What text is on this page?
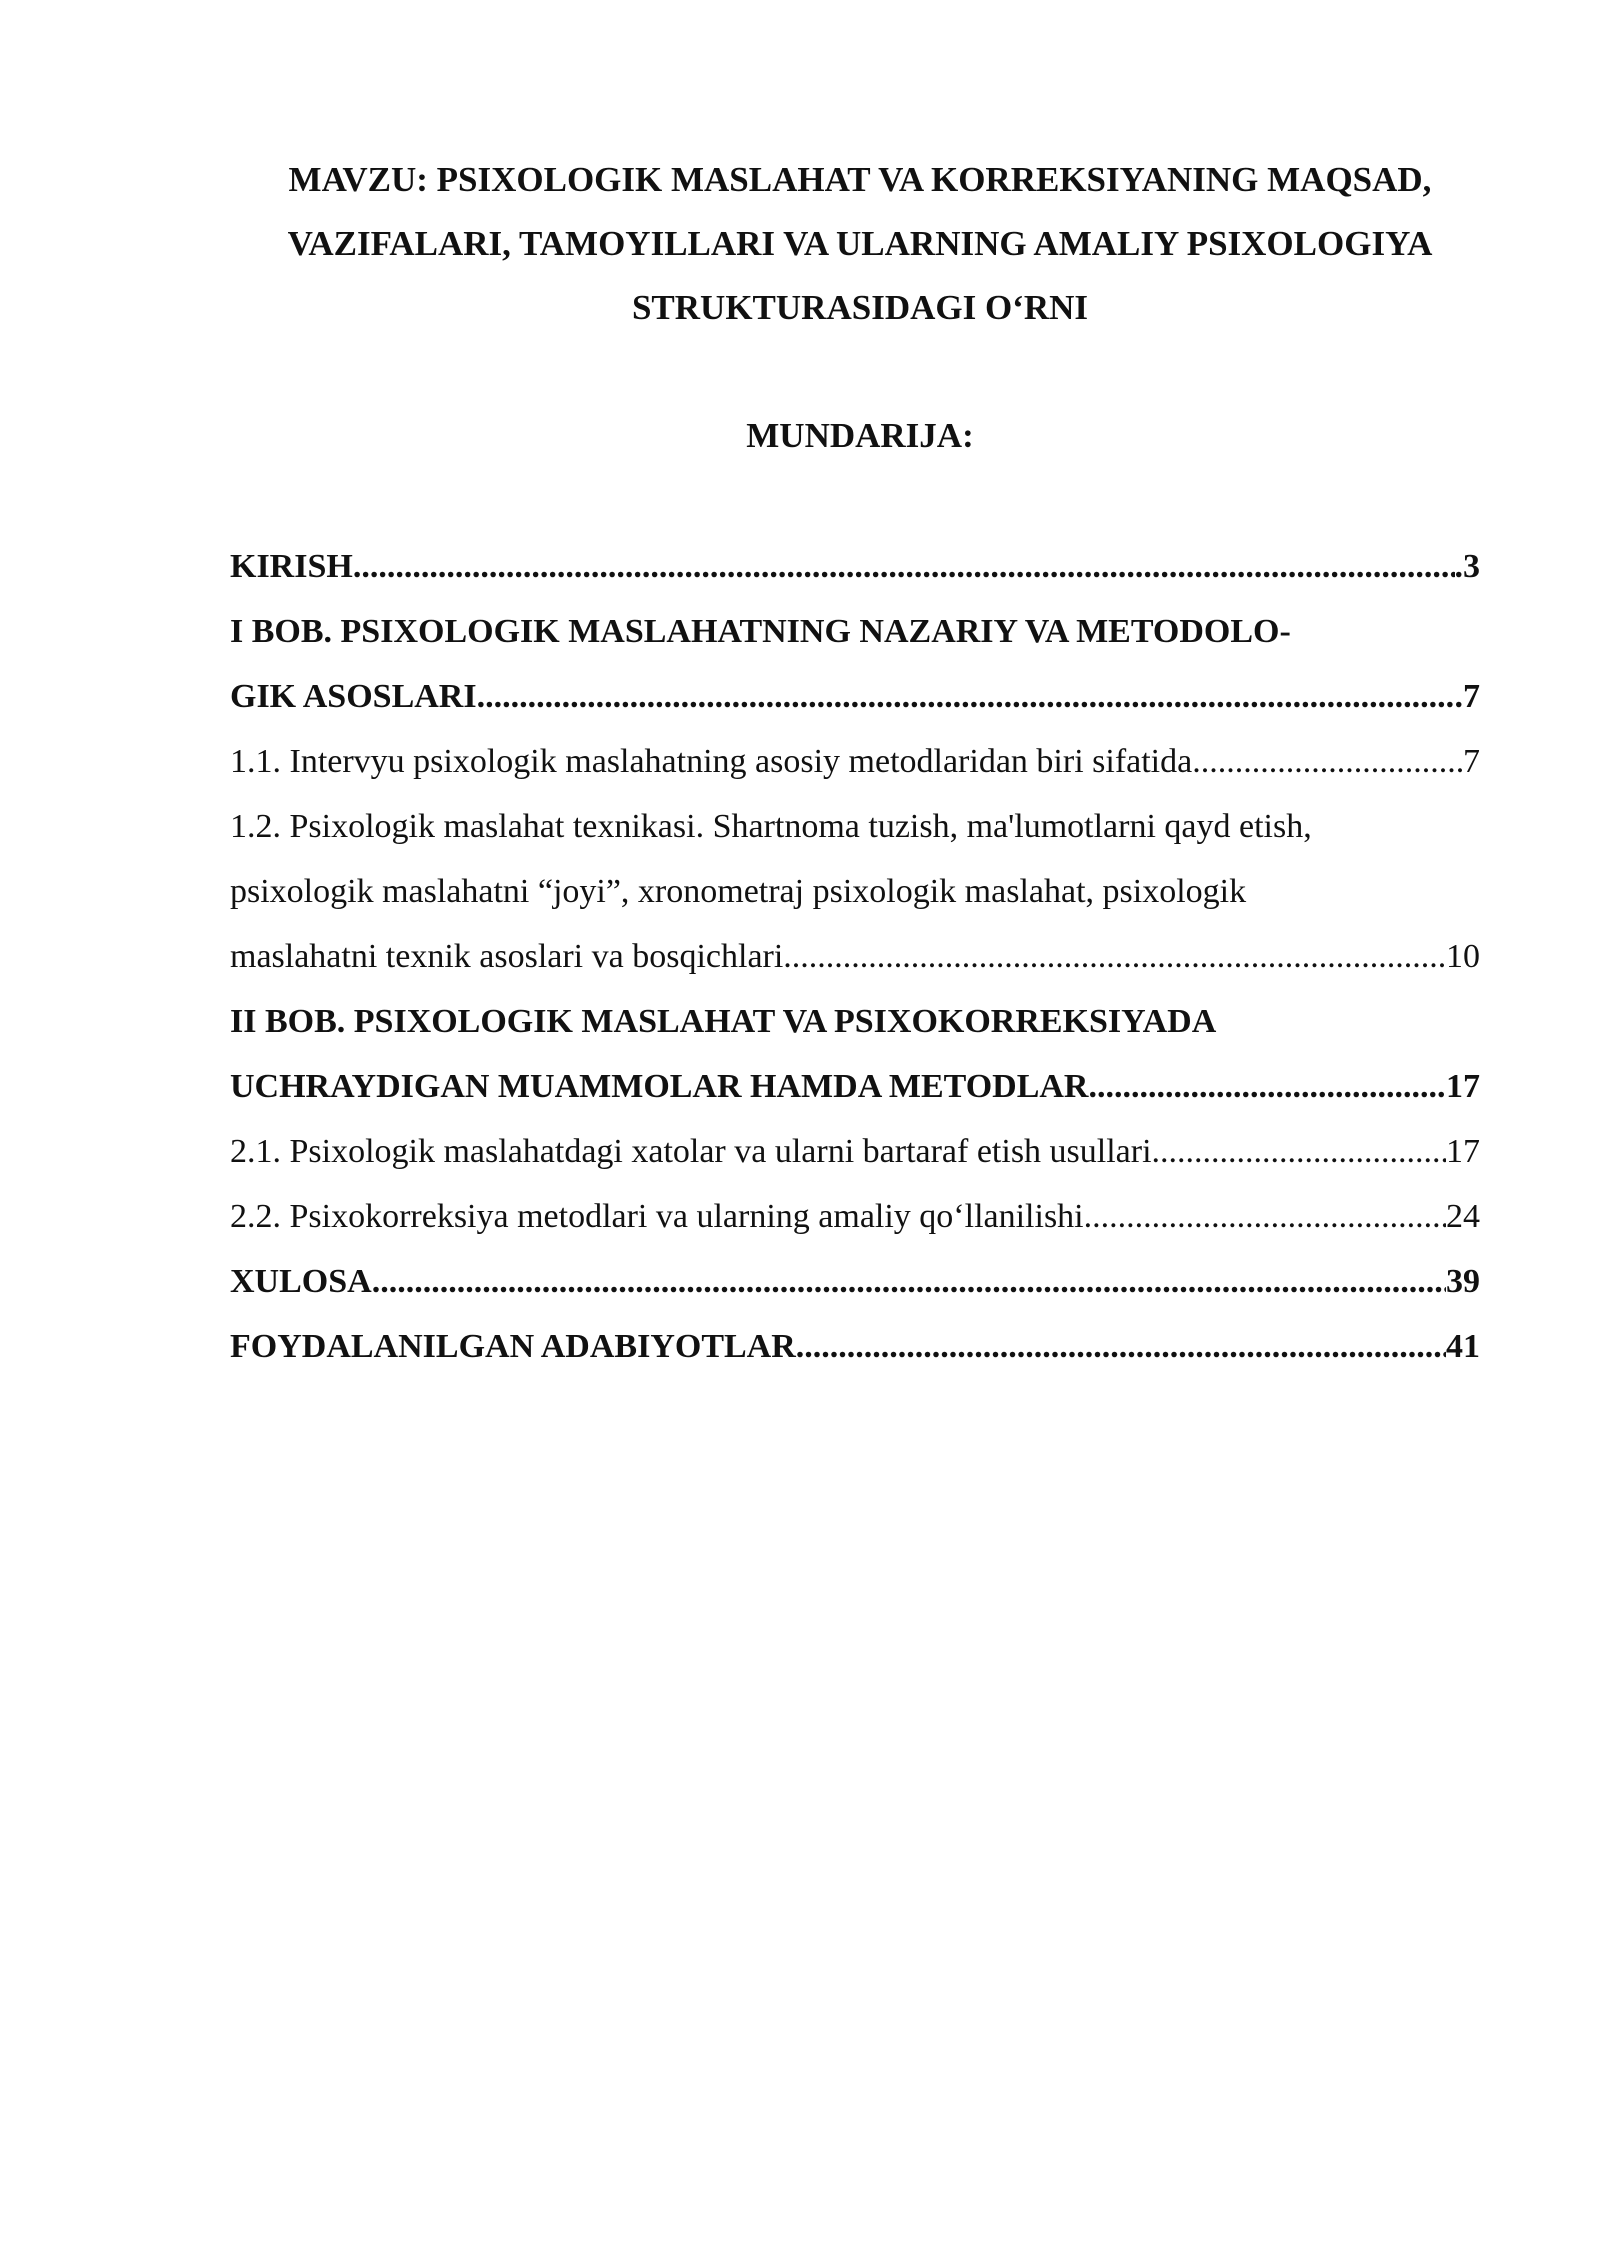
MAVZU: PSIXOLOGIK MASLAHAT VA KORREKSIYANING MAQSAD,
VAZIFALARI, TAMOYILLARI VA ULARNING AMALIY PSIXOLOGIYA
STRUKTURASIDAGI O‘RNI
MUNDARIJA:
KIRISH .....	.3
I BOB. PSIXOLOGIK MASLAHATNING NAZARIY VA METODOLO-
GIK ASOSLARI .....	.7
1.1. Intervyu psixologik maslahatning asosiy metodlaridan biri sifatida .....	7
1.2. Psixologik maslahat texnikasi. Shartnoma tuzish, ma'lumotlarni qayd etish,
psixologik maslahatni “joyi”, xronometraj psixologik maslahat, psixologik
maslahatni texnik asoslari va bosqichlari .....	10
II BOB. PSIXOLOGIK MASLAHAT VA PSIXOKORREKSIYADA
UCHRAYDIGAN MUAMMOLAR HAMDA METODLAR .....	17
2.1. Psixologik maslahatdagi xatolar va ularni bartaraf etish usullari .....	17
2.2. Psixokorreksiya metodlari va ularning amaliy qo‘llanilishi .....	24
XULOSA .....	39
FOYDALANILGAN ADABIYOTLAR .....	41
